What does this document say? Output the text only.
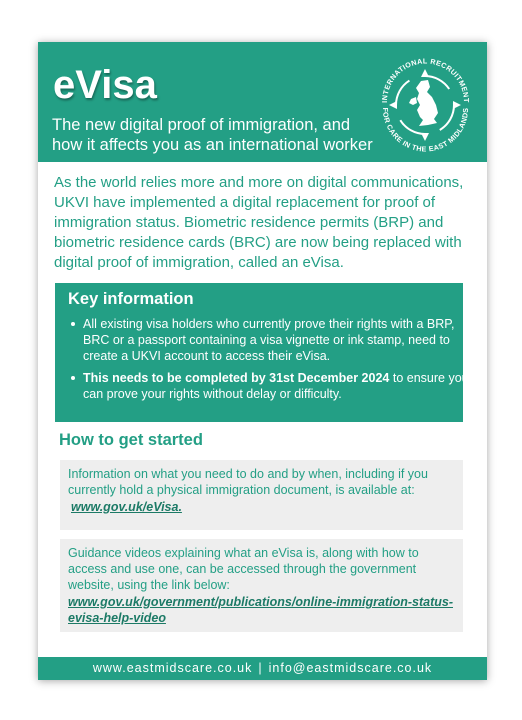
eVisa
The new digital proof of immigration, and how it affects you as an international worker
INTERNATIONAL RECRUITMENT
FOR CARE IN THE EAST MIDLANDS
As the world relies more and more on digital communications, UKVI have implemented a digital replacement for proof of immigration status. Biometric residence permits (BRP) and biometric residence cards (BRC) are now being replaced with digital proof of immigration, called an eVisa.
Key information
All existing visa holders who currently prove their rights with a BRP, BRC or a passport containing a visa vignette or ink stamp, need to create a UKVI account to access their eVisa.
This needs to be completed by 31st December 2024 to ensure you can prove your rights without delay or difficulty.
How to get started
Information on what you need to do and by when, including if you currently hold a physical immigration document, is available at:
www.gov.uk/eVisa.
Guidance videos explaining what an eVisa is, along with how to access and use one, can be accessed through the government website, using the link below:
www.gov.uk/government/publications/online-immigration-status-evisa-help-video
www.eastmidscare.co.uk | info@eastmidscare.co.uk
